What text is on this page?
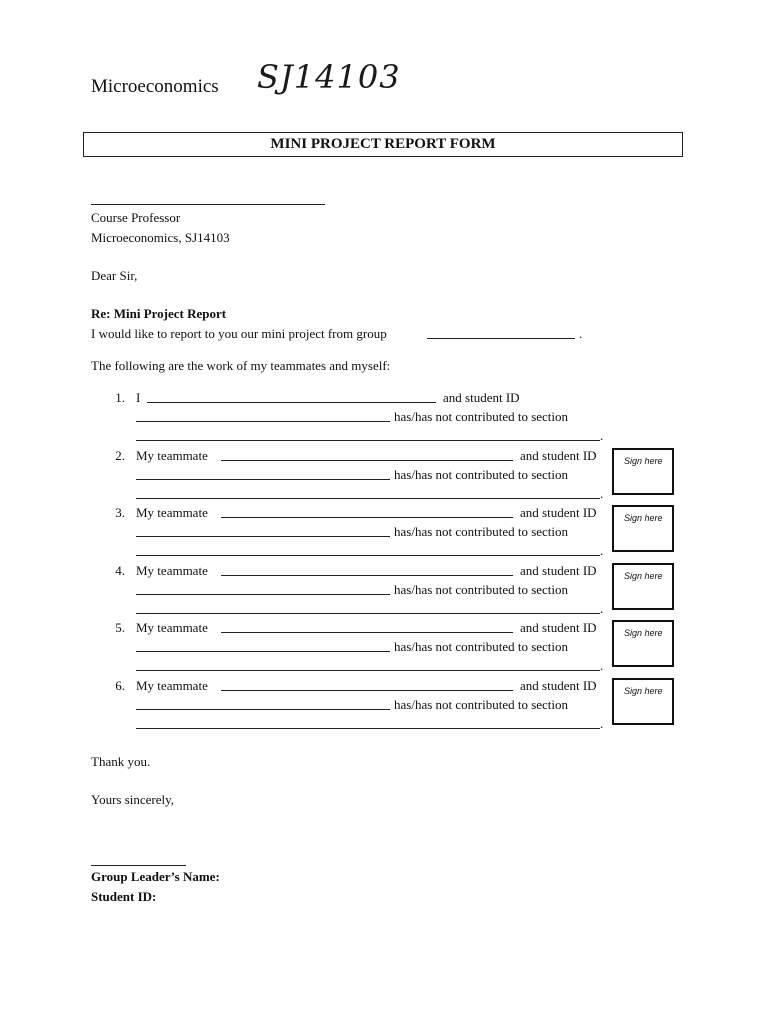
Microeconomics SJ14103
MINI PROJECT REPORT FORM
Course Professor
Microeconomics, SJ14103
Dear Sir,
Re: Mini Project Report
I would like to report to you our mini project from group	.
The following are the work of my teammates and myself:
1. I	and student ID
has/has not contributed to section
.
2. My teammate	and student ID
has/has not contributed to section
.
Sign here
3. My teammate	and student ID
has/has not contributed to section
.
Sign here
4. My teammate	and student ID
has/has not contributed to section
.
Sign here
5. My teammate	and student ID
has/has not contributed to section
.
Sign here
6. My teammate	and student ID
has/has not contributed to section
.
Sign here
Thank you.
Yours sincerely,
Group Leader’s Name:
Student ID:
